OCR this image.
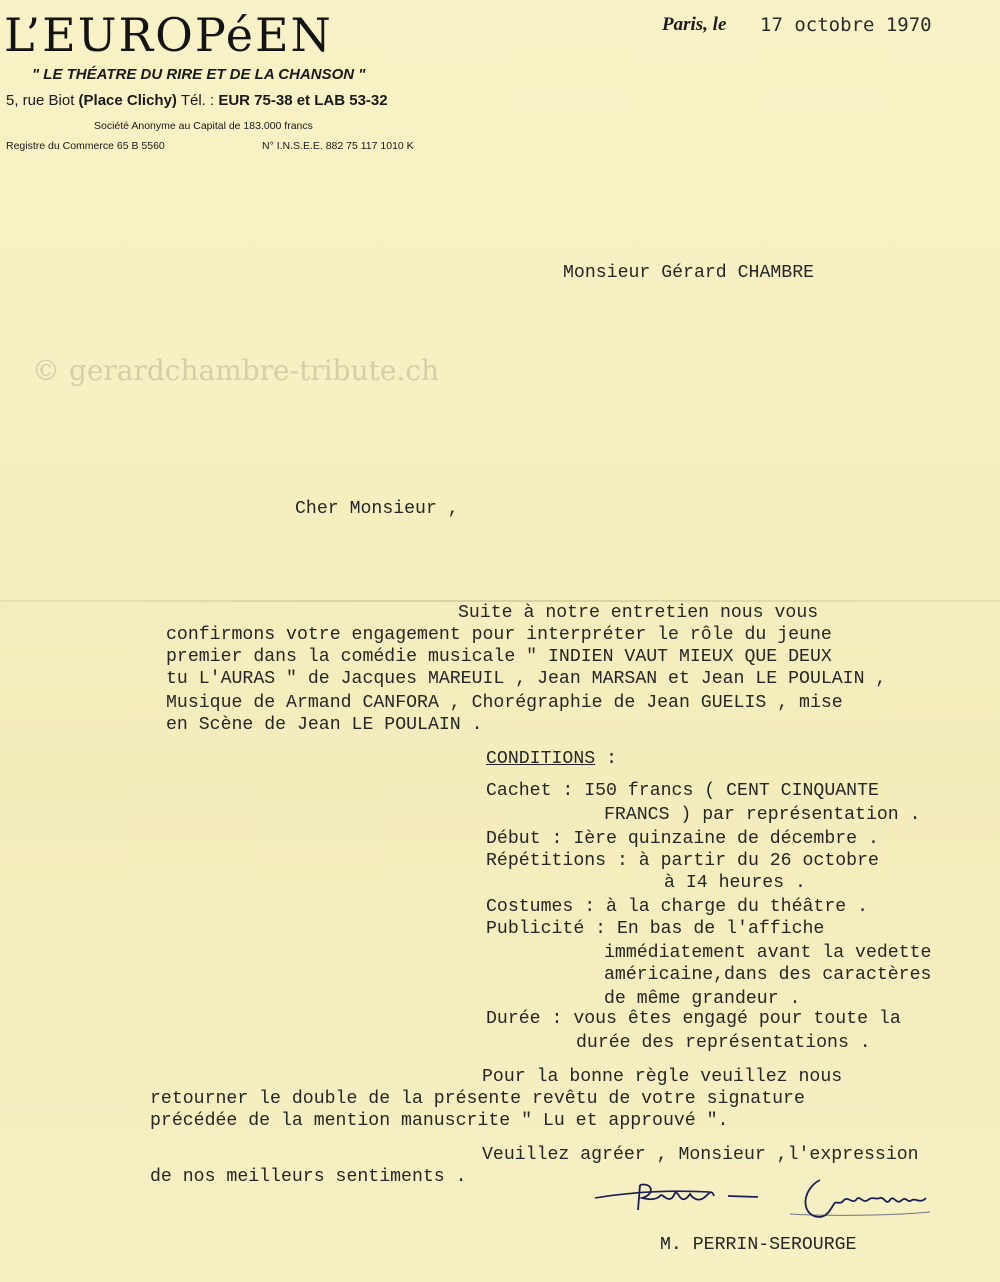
L’EUROPéEN
" LE THÉATRE DU RIRE ET DE LA CHANSON "
5, rue Biot (Place Clichy) Tél. : EUR 75-38 et LAB 53-32
Société Anonyme au Capital de 183.000 francs
Registre du Commerce 65 B 5560	N° I.N.S.E.E. 882 75 117 1010 K
Paris, le 17 octobre 1970
Monsieur Gérard CHAMBRE
© gerardchambre-tribute.ch
Cher Monsieur ,
Suite à notre entretien nous vous
confirmons votre engagement pour interpréter le rôle du jeune
premier dans la comédie musicale " INDIEN VAUT MIEUX QUE DEUX
tu L'AURAS " de Jacques MAREUIL , Jean MARSAN et Jean LE POULAIN ,
Musique de Armand CANFORA , Chorégraphie de Jean GUELIS , mise
en Scène de Jean LE POULAIN .
CONDITIONS :
Cachet : I50 francs ( CENT CINQUANTE
FRANCS ) par représentation .
Début : Ière quinzaine de décembre .
Répétitions : à partir du 26 octobre
à I4 heures .
Costumes : à la charge du théâtre .
Publicité : En bas de l'affiche
immédiatement avant la vedette
américaine,dans des caractères
de même grandeur .
Durée : vous êtes engagé pour toute la
durée des représentations .
Pour la bonne règle veuillez nous
retourner le double de la présente revêtu de votre signature
précédée de la mention manuscrite " Lu et approuvé ".
Veuillez agréer , Monsieur ,l'expression
de nos meilleurs sentiments .
M. PERRIN-SEROURGE
